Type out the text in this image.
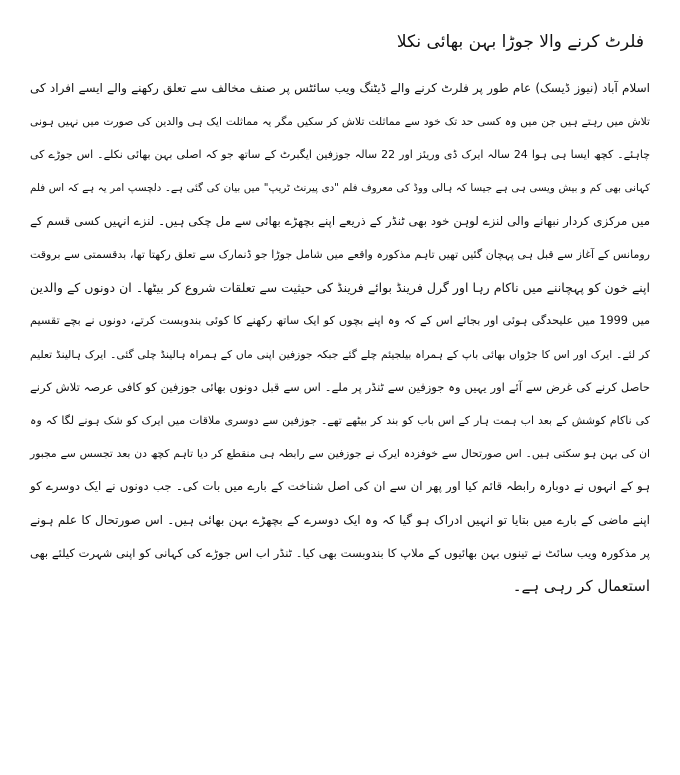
فلرٹ کرنے والا جوڑا بہن بھائی نکلا
اسلام آباد (نیوز ڈیسک) عام طور پر فلرٹ کرنے والے ڈیٹنگ ویب سائٹس پر صنف مخالف سے تعلق رکھنے والے ایسے افراد کی
تلاش میں رہتے ہیں جن میں وہ کسی حد تک خود سے مماثلت تلاش کر سکیں مگر یہ مماثلت ایک ہی والدین کی صورت میں نہیں ہونی
چاہئے۔ کچھ ایسا ہی ہوا 24 سالہ ایرک ڈی وریئز اور 22 سالہ جوزفین ایگبرٹ کے ساتھ جو کہ اصلی بہن بھائی نکلے۔ اس جوڑے کی
کہانی بھی کم و بیش ویسی ہی ہے جیسا کہ ہالی ووڈ کی معروف فلم "دی پیرنٹ ٹریپ" میں بیان کی گئی ہے۔ دلچسپ امر یہ ہے کہ اس فلم
میں مرکزی کردار نبھانے والی لنزے لوہن خود بھی ٹنڈر کے ذریعے اپنے بچھڑے بھائی سے مل چکی ہیں۔ لنزے انہیں کسی قسم کے
رومانس کے آغاز سے قبل ہی پہچان گئیں تھیں تاہم مذکورہ واقعے میں شامل جوڑا جو ڈنمارک سے تعلق رکھتا تھا، بدقسمتی سے بروقت
اپنے خون کو پہچاننے میں ناکام رہا اور گرل فرینڈ بوائے فرینڈ کی حیثیت سے تعلقات شروع کر بیٹھا۔ ان دونوں کے والدین
میں 1999 میں علیحدگی ہوئی اور بجائے اس کے کہ وہ اپنے بچوں کو ایک ساتھ رکھنے کا کوئی بندوبست کرتے، دونوں نے بچے تقسیم
کر لئے۔ ایرک اور اس کا جڑواں بھائی باپ کے ہمراہ بیلجیئم چلے گئے جبکہ جوزفین اپنی ماں کے ہمراہ ہالینڈ چلی گئی۔ ایرک ہالینڈ تعلیم
حاصل کرنے کی غرض سے آئے اور یہیں وہ جوزفین سے ٹنڈر پر ملے۔ اس سے قبل دونوں بھائی جوزفین کو کافی عرصہ تلاش کرنے
کی ناکام کوشش کے بعد اب ہمت ہار کے اس باب کو بند کر بیٹھے تھے۔ جوزفین سے دوسری ملاقات میں ایرک کو شک ہونے لگا کہ وہ
ان کی بہن ہو سکتی ہیں۔ اس صورتحال سے خوفزدہ ایرک نے جوزفین سے رابطہ ہی منقطع کر دیا تاہم کچھ دن بعد تجسس سے مجبور
ہو کے انہوں نے دوبارہ رابطہ قائم کیا اور پھر ان سے ان کی اصل شناخت کے بارے میں بات کی۔ جب دونوں نے ایک دوسرے کو
اپنے ماضی کے بارے میں بتایا تو انہیں ادراک ہو گیا کہ وہ ایک دوسرے کے بچھڑے بہن بھائی ہیں۔ اس صورتحال کا علم ہونے
پر مذکورہ ویب سائٹ نے تینوں بہن بھائیوں کے ملاپ کا بندوبست بھی کیا۔ ٹنڈر اب اس جوڑے کی کہانی کو اپنی شہرت کیلئے بھی
استعمال کر رہی ہے۔
